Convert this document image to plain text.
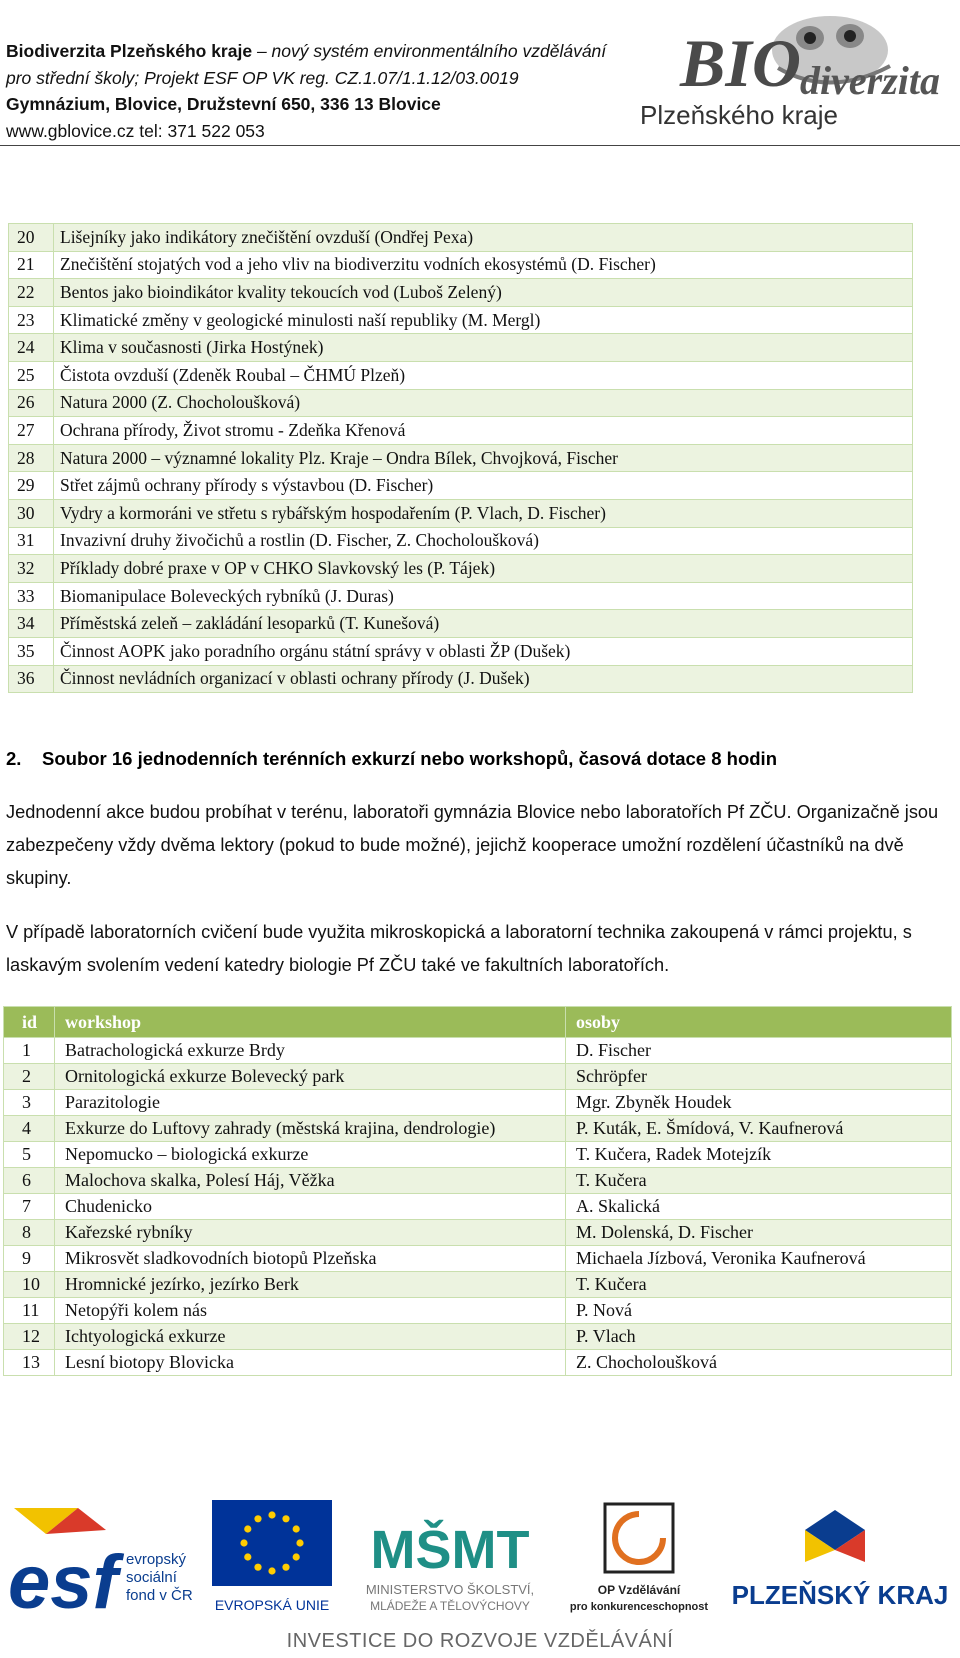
Biodiverzita Plzeňského kraje – nový systém environmentálního vzdělávání
pro střední školy; Projekt ESF OP VK reg. CZ.1.07/1.1.12/03.0019
Gymnázium, Blovice, Družstevní 650, 336 13 Blovice
www.gblovice.cz tel: 371 522 053
BIO diverzita
Plzeňského kraje
20	Lišejníky jako indikátory znečištění ovzduší (Ondřej Pexa)
21	Znečištění stojatých vod a jeho vliv na biodiverzitu vodních ekosystémů (D. Fischer)
22	Bentos jako bioindikátor kvality tekoucích vod (Luboš Zelený)
23	Klimatické změny v geologické minulosti naší republiky (M. Mergl)
24	Klima v současnosti (Jirka Hostýnek)
25	Čistota ovzduší (Zdeněk Roubal – ČHMÚ Plzeň)
26	Natura 2000 (Z. Chocholoušková)
27	Ochrana přírody, Život stromu - Zdeňka Křenová
28	Natura 2000 – významné lokality Plz. Kraje – Ondra Bílek, Chvojková, Fischer
29	Střet zájmů ochrany přírody s výstavbou (D. Fischer)
30	Vydry a kormoráni ve střetu s rybářským hospodařením (P. Vlach, D. Fischer)
31	Invazivní druhy živočichů a rostlin (D. Fischer, Z. Chocholoušková)
32	Příklady dobré praxe v OP v CHKO Slavkovský les (P. Tájek)
33	Biomanipulace Boleveckých rybníků (J. Duras)
34	Příměstská zeleň – zakládání lesoparků (T. Kunešová)
35	Činnost AOPK jako poradního orgánu státní správy v oblasti ŽP (Dušek)
36	Činnost nevládních organizací v oblasti ochrany přírody (J. Dušek)
2. Soubor 16 jednodenních terénních exkurzí nebo workshopů, časová dotace 8 hodin
Jednodenní akce budou probíhat v terénu, laboratoři gymnázia Blovice nebo laboratořích Pf ZČU. Organizačně jsou zabezpečeny vždy dvěma lektory (pokud to bude možné), jejichž kooperace umožní rozdělení účastníků na dvě skupiny.
V případě laboratorních cvičení bude využita mikroskopická a laboratorní technika zakoupená v rámci projektu, s laskavým svolením vedení katedry biologie Pf ZČU také ve fakultních laboratořích.
id	workshop	osoby
1	Batrachologická exkurze Brdy	D. Fischer
2	Ornitologická exkurze Bolevecký park	Schröpfer
3	Parazitologie	Mgr. Zbyněk Houdek
4	Exkurze do Luftovy zahrady (městská krajina, dendrologie)	P. Kuták, E. Šmídová, V. Kaufnerová
5	Nepomucko – biologická exkurze	T. Kučera, Radek Motejzík
6	Malochova skalka, Polesí Háj, Věžka	T. Kučera
7	Chudenicko	A. Skalická
8	Kařezské rybníky	M. Dolenská, D. Fischer
9	Mikrosvět sladkovodních biotopů Plzeňska	Michaela Jízbová, Veronika Kaufnerová
10	Hromnické jezírko, jezírko Berk	T. Kučera
11	Netopýři kolem nás	P. Nová
12	Ichtyologická exkurze	P. Vlach
13	Lesní biotopy Blovicka	Z. Chocholoušková
esf evropský
sociální
fond v ČR
EVROPSKÁ UNIE
MŠMT
MINISTERSTVO ŠKOLSTVÍ,
MLÁDEŽE A TĚLOVÝCHOVY
OP Vzdělávání
pro konkurenceschopnost PLZEŇSKÝ KRAJ
INVESTICE DO ROZVOJE VZDĚLÁVÁNÍ
